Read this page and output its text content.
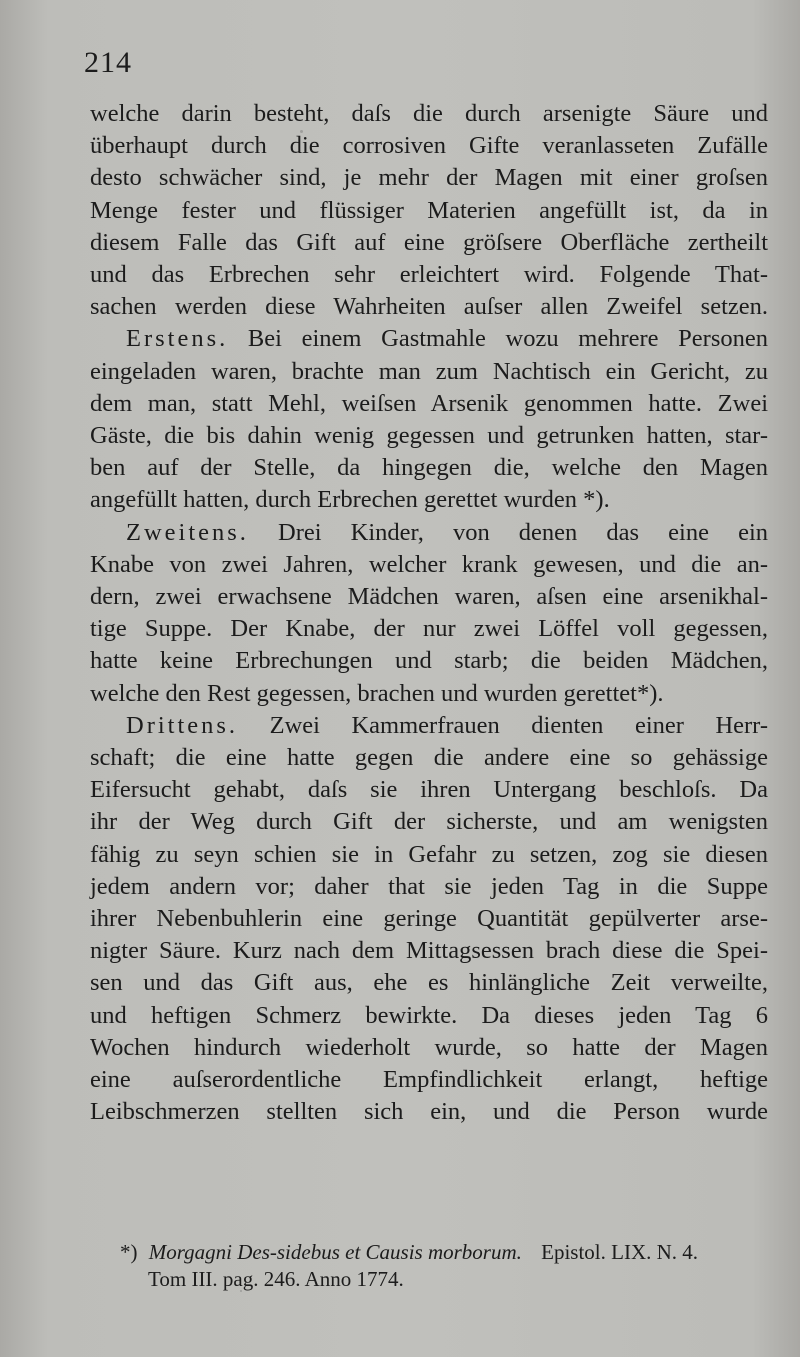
214
welche darin besteht, daſs die durch arsenigte Säure und
überhaupt durch die corrosiven Gifte veranlasseten Zufälle
desto schwächer sind, je mehr der Magen mit einer groſsen
Menge fester und flüssiger Materien angefüllt ist, da in
diesem Falle das Gift auf eine gröſsere Oberfläche zertheilt
und das Erbrechen sehr erleichtert wird. Folgende That-
sachen werden diese Wahrheiten auſser allen Zweifel setzen.
Erstens. Bei einem Gastmahle wozu mehrere Personen
eingeladen waren, brachte man zum Nachtisch ein Gericht, zu
dem man, statt Mehl, weiſsen Arsenik genommen hatte. Zwei
Gäste, die bis dahin wenig gegessen und getrunken hatten, star-
ben auf der Stelle, da hingegen die, welche den Magen
angefüllt hatten, durch Erbrechen gerettet wurden *).
Zweitens. Drei Kinder, von denen das eine ein
Knabe von zwei Jahren, welcher krank gewesen, und die an-
dern, zwei erwachsene Mädchen waren, aſsen eine arsenikhal-
tige Suppe. Der Knabe, der nur zwei Löffel voll gegessen,
hatte keine Erbrechungen und starb; die beiden Mädchen,
welche den Rest gegessen, brachen und wurden gerettet*).
Drittens. Zwei Kammerfrauen dienten einer Herr-
schaft; die eine hatte gegen die andere eine so gehässige
Eifersucht gehabt, daſs sie ihren Untergang beschloſs. Da
ihr der Weg durch Gift der sicherste, und am wenigsten
fähig zu seyn schien sie in Gefahr zu setzen, zog sie diesen
jedem andern vor; daher that sie jeden Tag in die Suppe
ihrer Nebenbuhlerin eine geringe Quantität gepülverter arse-
nigter Säure. Kurz nach dem Mittagsessen brach diese die Spei-
sen und das Gift aus, ehe es hinlängliche Zeit verweilte,
und heftigen Schmerz bewirkte. Da dieses jeden Tag 6
Wochen hindurch wiederholt wurde, so hatte der Magen
eine auſserordentliche Empfindlichkeit erlangt, heftige
Leibschmerzen stellten sich ein, und die Person wurde
*) Morgagni Des-sidebus et Causis morborum. Epistol. LIX. N. 4.
Tom III. pag. 246. Anno 1774.
